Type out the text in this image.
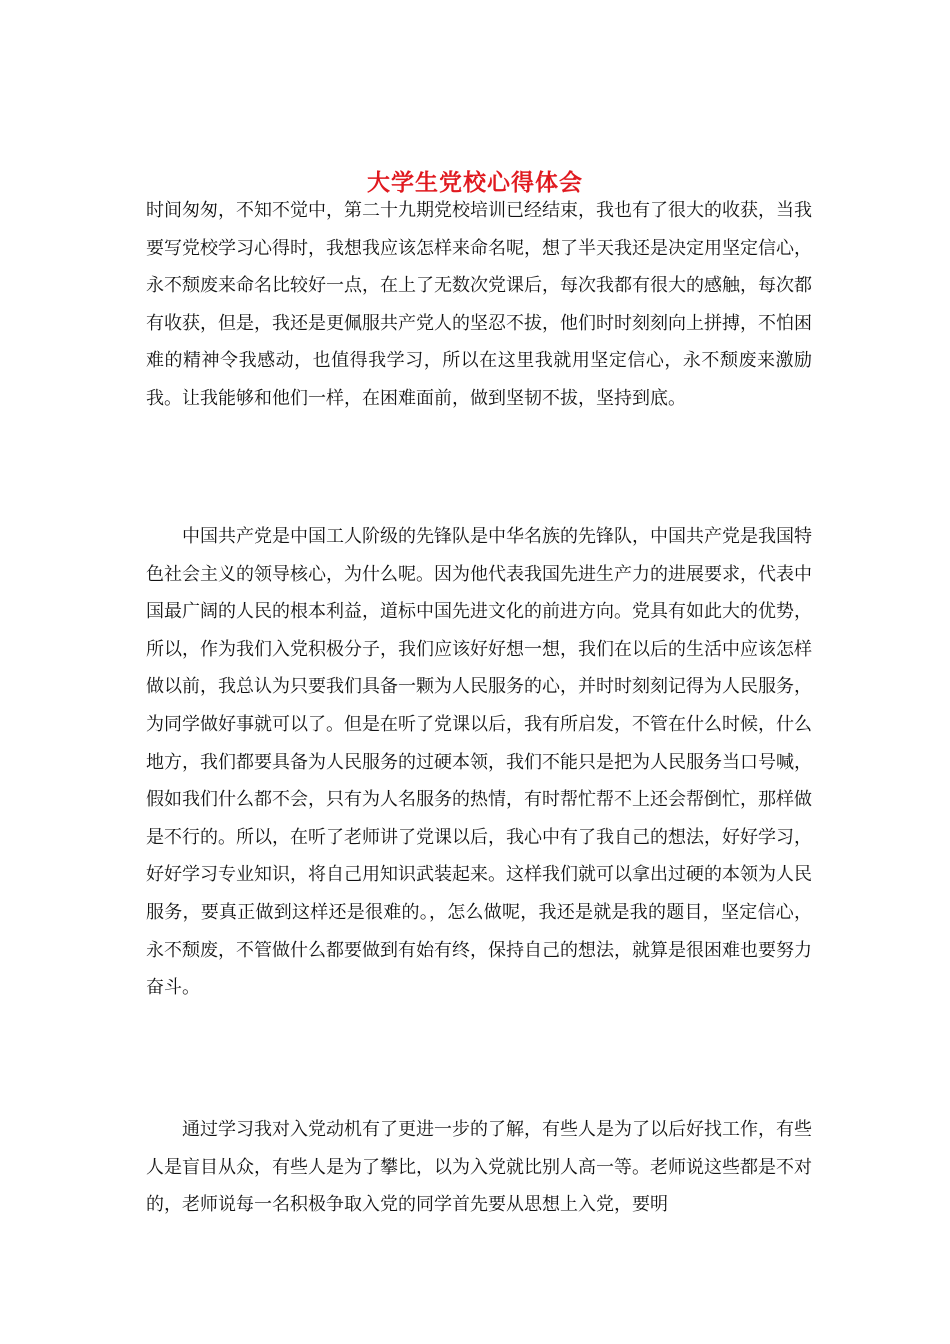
大学生党校心得体会

时间匆匆，不知不觉中，第二十九期党校培训已经结束，我也有了很大的收获，当我要写党校学习心得时，我想我应该怎样来命名呢，想了半天我还是决定用坚定信心，永不颓废来命名比较好一点，在上了无数次党课后，每次我都有很大的感触，每次都有收获，但是，我还是更佩服共产党人的坚忍不拔，他们时时刻刻向上拼搏，不怕困难的精神令我感动，也值得我学习，所以在这里我就用坚定信心，永不颓废来激励我。让我能够和他们一样，在困难面前，做到坚韧不拔，坚持到底。

中国共产党是中国工人阶级的先锋队是中华名族的先锋队，中国共产党是我国特色社会主义的领导核心，为什么呢。因为他代表我国先进生产力的进展要求，代表中国最广阔的人民的根本利益，道标中国先进文化的前进方向。党具有如此大的优势，所以，作为我们入党积极分子，我们应该好好想一想，我们在以后的生活中应该怎样做以前，我总认为只要我们具备一颗为人民服务的心，并时时刻刻记得为人民服务，为同学做好事就可以了。但是在听了党课以后，我有所启发，不管在什么时候，什么地方，我们都要具备为人民服务的过硬本领，我们不能只是把为人民服务当口号喊，假如我们什么都不会，只有为人名服务的热情，有时帮忙帮不上还会帮倒忙，那样做是不行的。所以，在听了老师讲了党课以后，我心中有了我自己的想法，好好学习，好好学习专业知识，将自己用知识武装起来。这样我们就可以拿出过硬的本领为人民服务，要真正做到这样还是很难的。，怎么做呢，我还是就是我的题目，坚定信心，永不颓废，不管做什么都要做到有始有终，保持自己的想法，就算是很困难也要努力奋斗。

通过学习我对入党动机有了更进一步的了解，有些人是为了以后好找工作，有些人是盲目从众，有些人是为了攀比，以为入党就比别人高一等。老师说这些都是不对的，老师说每一名积极争取入党的同学首先要从思想上入党，要明
